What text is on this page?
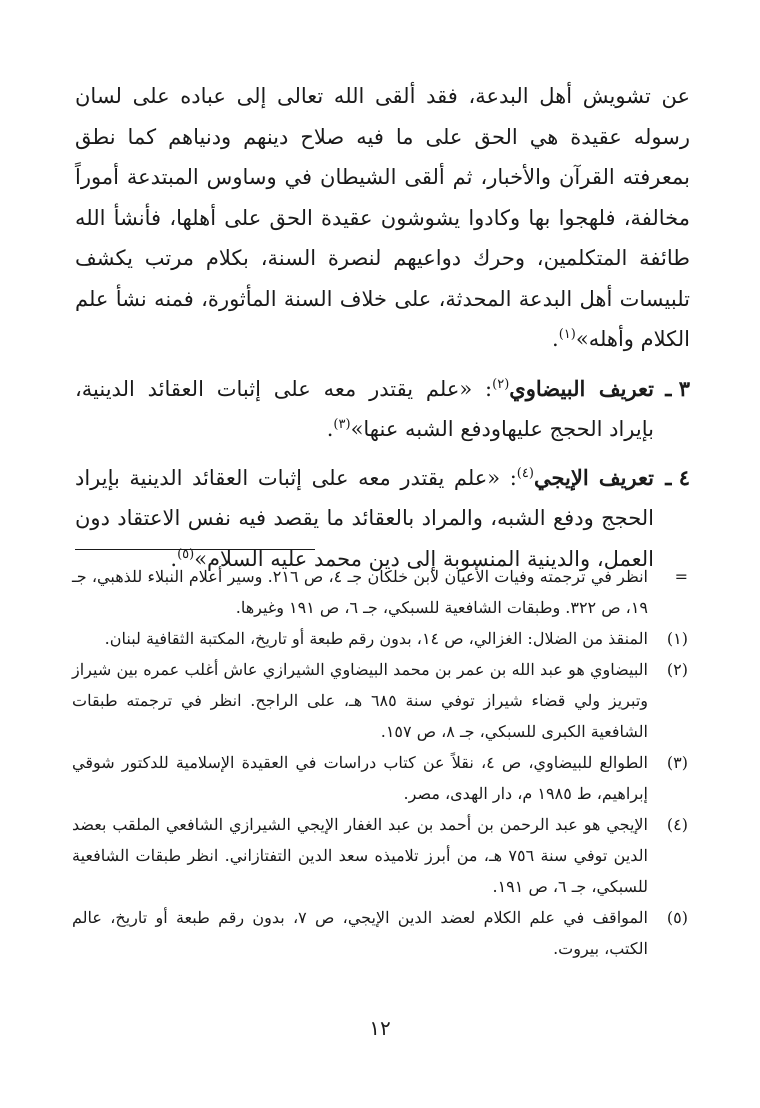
عن تشويش أهل البدعة، فقد ألقى الله تعالى إلى عباده على لسان رسوله عقيدة هي الحق على ما فيه صلاح دينهم ودنياهم كما نطق بمعرفته القرآن والأخبار، ثم ألقى الشيطان في وساوس المبتدعة أموراً مخالفة، فلهجوا بها وكادوا يشوشون عقيدة الحق على أهلها، فأنشأ الله طائفة المتكلمين، وحرك دواعيهم لنصرة السنة، بكلام مرتب يكشف تلبيسات أهل البدعة المحدثة، على خلاف السنة المأثورة، فمنه نشأ علم الكلام وأهله»$^{(١)}$.

٣ ـ
تعريف البيضاوي$^{(٢)}$: «علم يقتدر معه على إثبات العقائد الدينية، بإيراد الحجج عليهاودفع الشبه عنها»$^{(٣)}$.
٤ ـ
تعريف الإيجي$^{(٤)}$: «علم يقتدر معه على إثبات العقائد الدينية بإيراد الحجج ودفع الشبه، والمراد بالعقائد ما يقصد فيه نفس الاعتقاد دون العمل، والدينية المنسوبة إلى دين محمد عليه السلام»$^{(٥)}$.
=
انظر في ترجمته وفيات الأعيان لابن خلكان جـ ٤، ص ٢١٦. وسير أعلام النبلاء للذهبي، جـ ١٩، ص ٣٢٢. وطبقات الشافعية للسبكي، جـ ٦، ص ١٩١ وغيرها.
(١)
المنقذ من الضلال: الغزالي، ص ١٤، بدون رقم طبعة أو تاريخ، المكتبة الثقافية لبنان.
(٢)
البيضاوي هو عبد الله بن عمر بن محمد البيضاوي الشيرازي عاش أغلب عمره بين شيراز وتبريز ولي قضاء شيراز توفي سنة ٦٨٥ هـ، على الراجح. انظر في ترجمته طبقات الشافعية الكبرى للسبكي، جـ ٨، ص ١٥٧.
(٣)
الطوالع للبيضاوي، ص ٤، نقلاً عن كتاب دراسات في العقيدة الإسلامية للدكتور شوقي إبراهيم، ط ١٩٨٥ م، دار الهدى، مصر.
(٤)
الإيجي هو عبد الرحمن بن أحمد بن عبد الغفار الإيجي الشيرازي الشافعي الملقب بعضد الدين توفي سنة ٧٥٦ هـ، من أبرز تلاميذه سعد الدين التفتازاني. انظر طبقات الشافعية للسبكي، جـ ٦، ص ١٩١.
(٥)
المواقف في علم الكلام لعضد الدين الإيجي، ص ٧، بدون رقم طبعة أو تاريخ، عالم الكتب، بيروت.
١٢
